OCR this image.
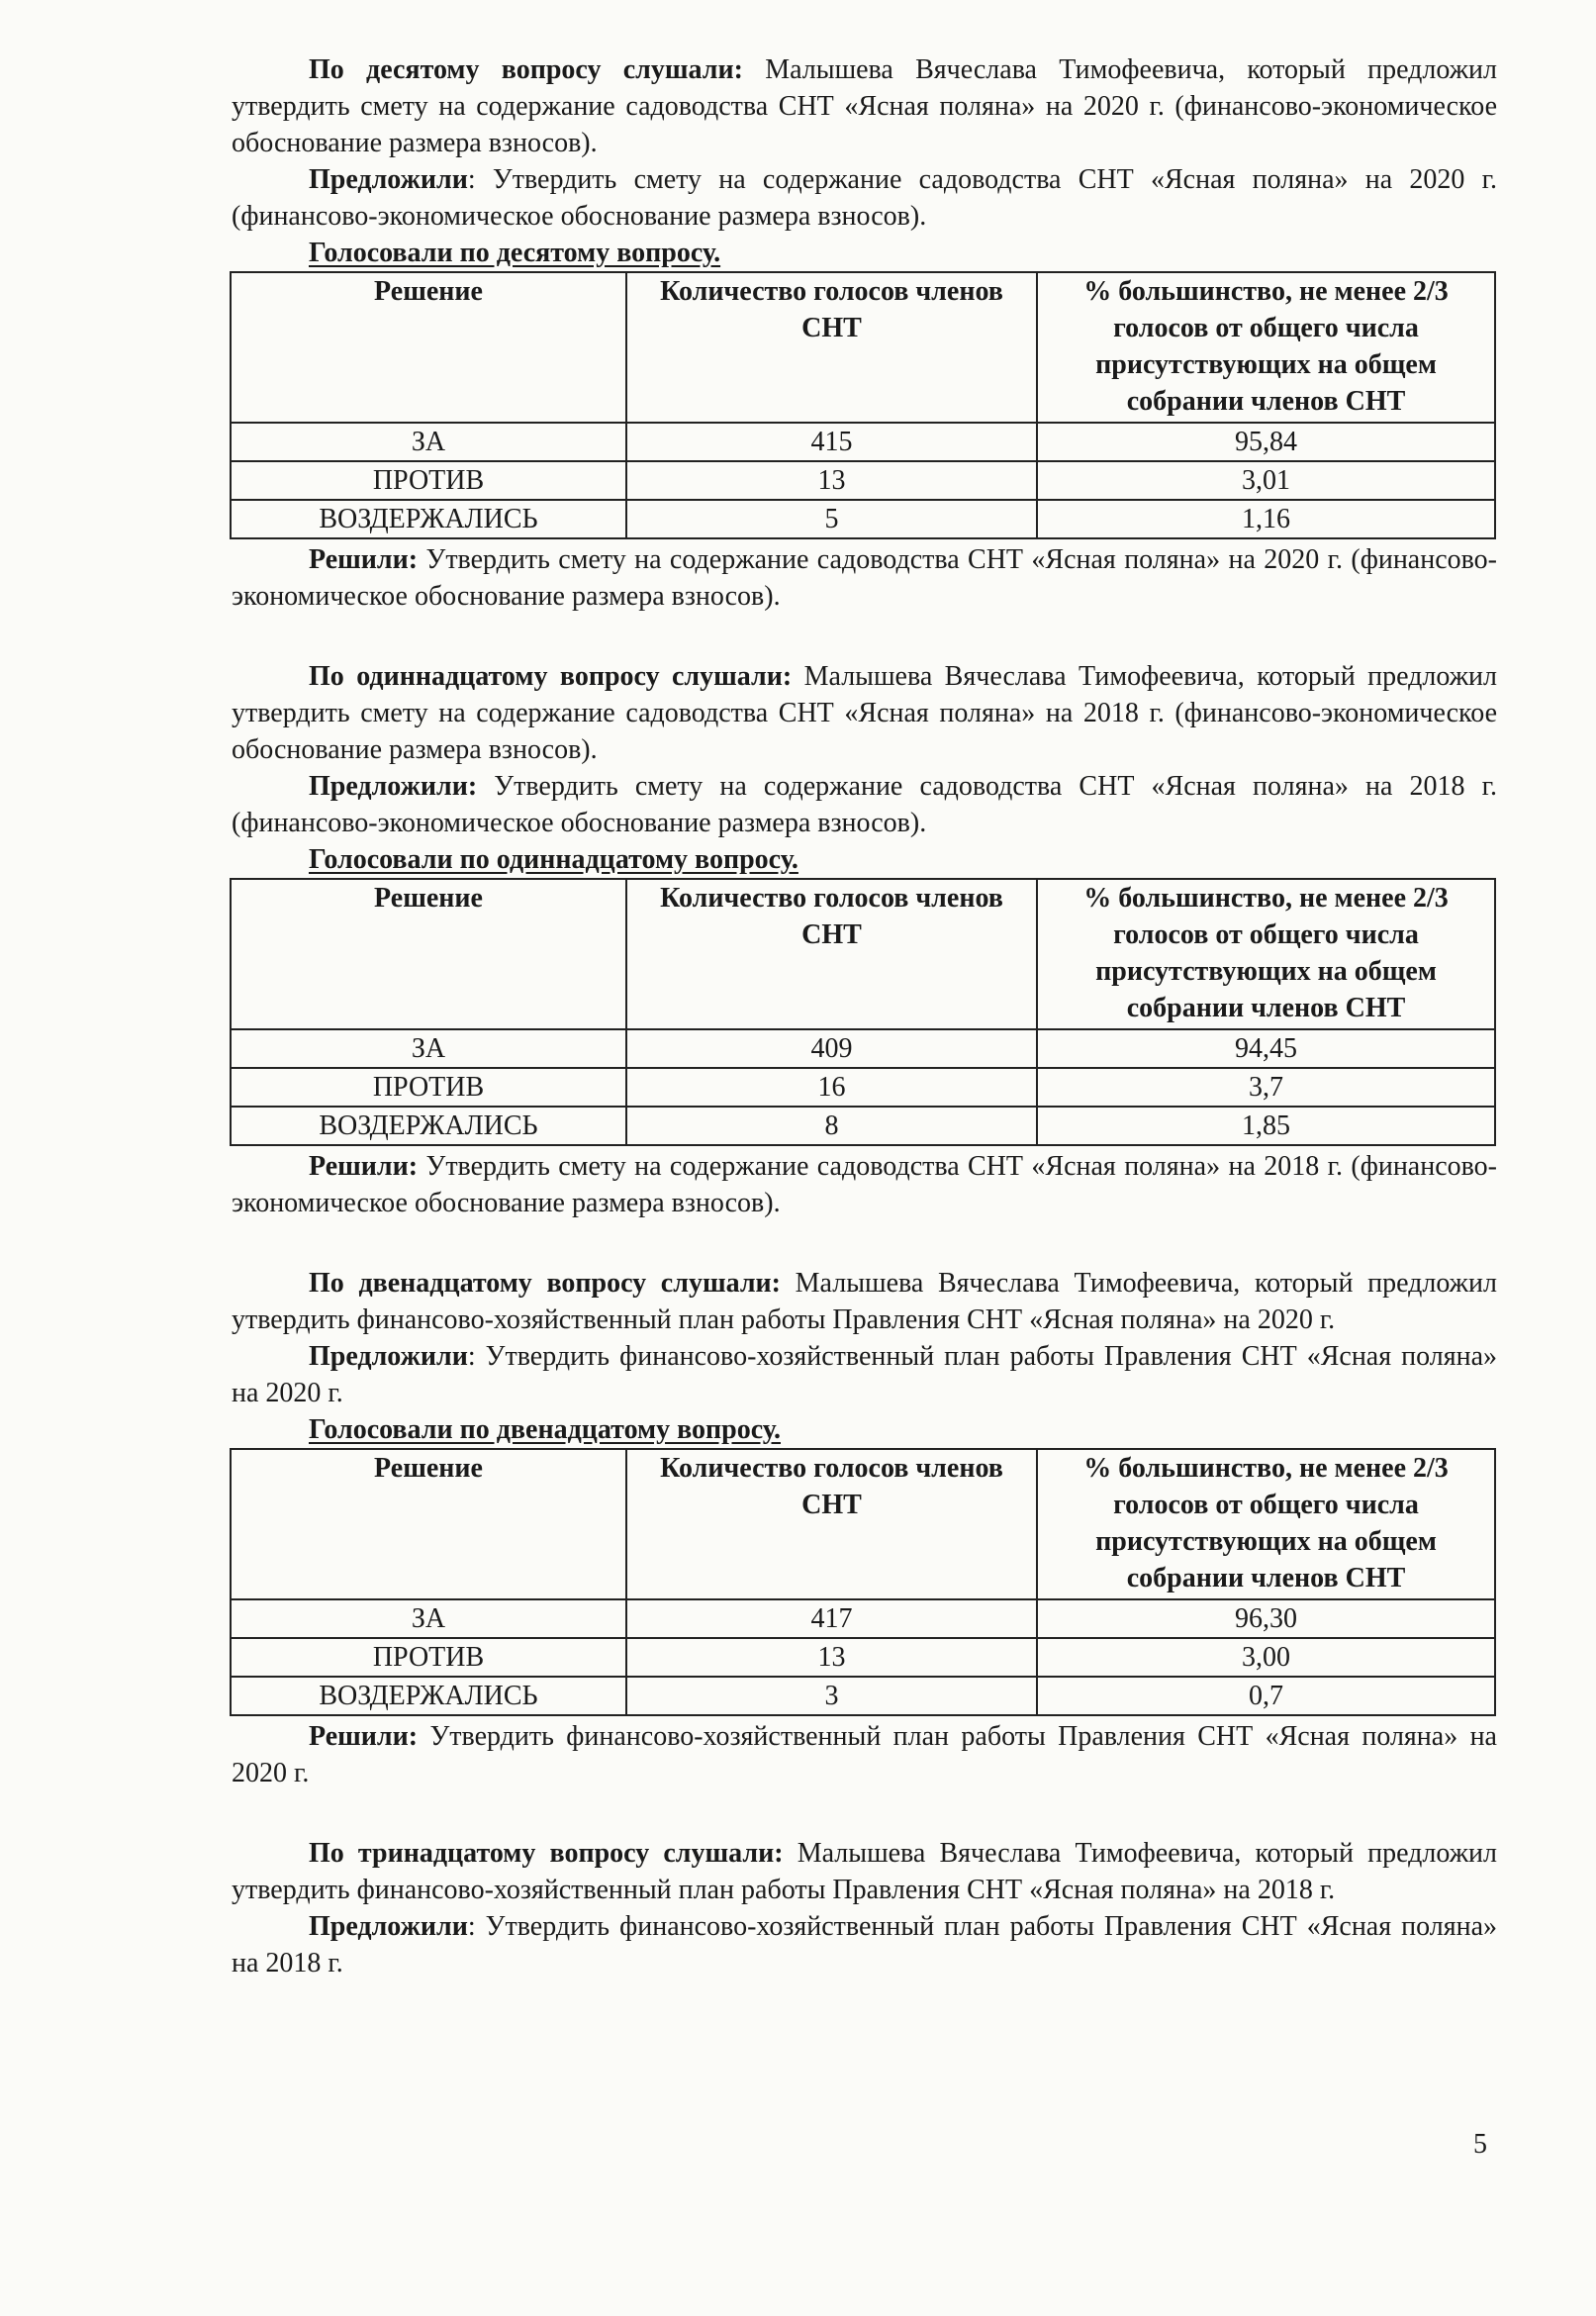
По десятому вопросу слушали: Малышева Вячеслава Тимофеевича, который предложил утвердить смету на содержание садоводства СНТ «Ясная поляна» на 2020 г. (финансово-экономическое обоснование размера взносов).

Предложили: Утвердить смету на содержание садоводства СНТ «Ясная поляна» на 2020 г. (финансово-экономическое обоснование размера взносов).

Голосовали по десятому вопросу.
Решение	Количество голосов членов СНТ	% большинство, не менее 2/3 голосов от общего числа присутствующих на общем собрании членов СНТ
ЗА	415	95,84
ПРОТИВ	13	3,01
ВОЗДЕРЖАЛИСЬ	5	1,16

Решили: Утвердить смету на содержание садоводства СНТ «Ясная поляна» на 2020 г. (финансово-экономическое обоснование размера взносов).

По одиннадцатому вопросу слушали: Малышева Вячеслава Тимофеевича, который предложил утвердить смету на содержание садоводства СНТ «Ясная поляна» на 2018 г. (финансово-экономическое обоснование размера взносов).

Предложили: Утвердить смету на содержание садоводства СНТ «Ясная поляна» на 2018 г. (финансово-экономическое обоснование размера взносов).

Голосовали по одиннадцатому вопросу.
Решение	Количество голосов членов СНТ	% большинство, не менее 2/3 голосов от общего числа присутствующих на общем собрании членов СНТ
ЗА	409	94,45
ПРОТИВ	16	3,7
ВОЗДЕРЖАЛИСЬ	8	1,85

Решили: Утвердить смету на содержание садоводства СНТ «Ясная поляна» на 2018 г. (финансово-экономическое обоснование размера взносов).

По двенадцатому вопросу слушали: Малышева Вячеслава Тимофеевича, который предложил утвердить финансово-хозяйственный план работы Правления СНТ «Ясная поляна» на 2020 г.

Предложили: Утвердить финансово-хозяйственный план работы Правления СНТ «Ясная поляна» на 2020 г.

Голосовали по двенадцатому вопросу.
Решение	Количество голосов членов СНТ	% большинство, не менее 2/3 голосов от общего числа присутствующих на общем собрании членов СНТ
ЗА	417	96,30
ПРОТИВ	13	3,00
ВОЗДЕРЖАЛИСЬ	3	0,7

Решили: Утвердить финансово-хозяйственный план работы Правления СНТ «Ясная поляна» на 2020 г.

По тринадцатому вопросу слушали: Малышева Вячеслава Тимофеевича, который предложил утвердить финансово-хозяйственный план работы Правления СНТ «Ясная поляна» на 2018 г.

Предложили: Утвердить финансово-хозяйственный план работы Правления СНТ «Ясная поляна» на 2018 г.

5
